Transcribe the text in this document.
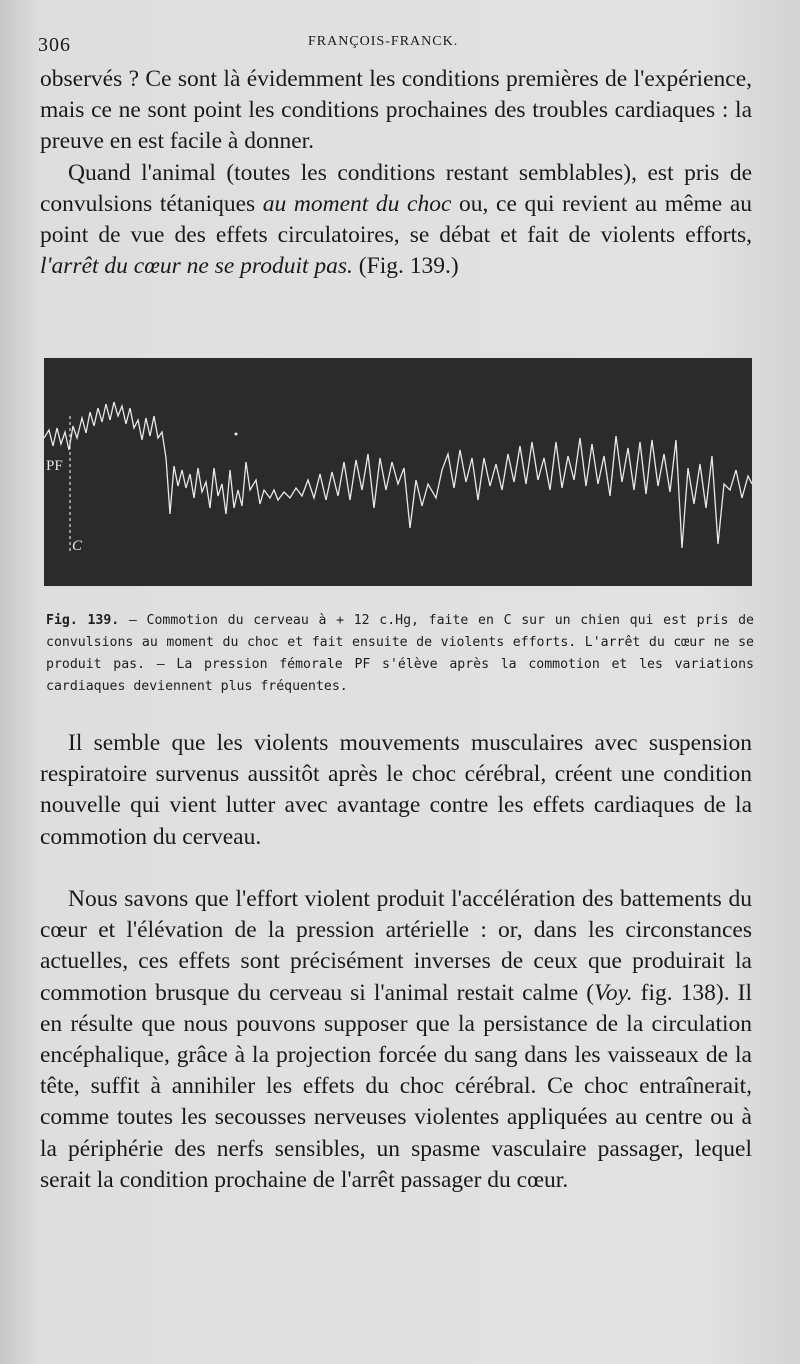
306	FRANÇOIS-FRANCK.

observés ? Ce sont là évidemment les conditions premières de l'expérience, mais ce ne sont point les conditions prochaines des troubles cardiaques : la preuve en est facile à donner.

Quand l'animal (toutes les conditions restant semblables), est pris de convulsions tétaniques au moment du choc ou, ce qui revient au même au point de vue des effets circulatoires, se débat et fait de violents efforts, l'arrêt du cœur ne se produit pas. (Fig. 139.)

PF
C
Fig. 139. — Commotion du cerveau à + 12 c.Hg, faite en C sur un chien qui est pris de convulsions au moment du choc et fait ensuite de violents efforts. L'arrêt du cœur ne se produit pas. — La pression fémorale PF s'élève après la commotion et les variations cardiaques deviennent plus fréquentes.

Il semble que les violents mouvements musculaires avec suspension respiratoire survenus aussitôt après le choc cérébral, créent une condition nouvelle qui vient lutter avec avantage contre les effets cardiaques de la commotion du cerveau.

Nous savons que l'effort violent produit l'accélération des battements du cœur et l'élévation de la pression artérielle : or, dans les circonstances actuelles, ces effets sont précisément inverses de ceux que produirait la commotion brusque du cerveau si l'animal restait calme (Voy. fig. 138). Il en résulte que nous pouvons supposer que la persistance de la circulation encéphalique, grâce à la projection forcée du sang dans les vaisseaux de la tête, suffit à annihiler les effets du choc cérébral. Ce choc entraînerait, comme toutes les secousses nerveuses violentes appliquées au centre ou à la périphérie des nerfs sensibles, un spasme vasculaire passager, lequel serait la condition prochaine de l'arrêt passager du cœur.
